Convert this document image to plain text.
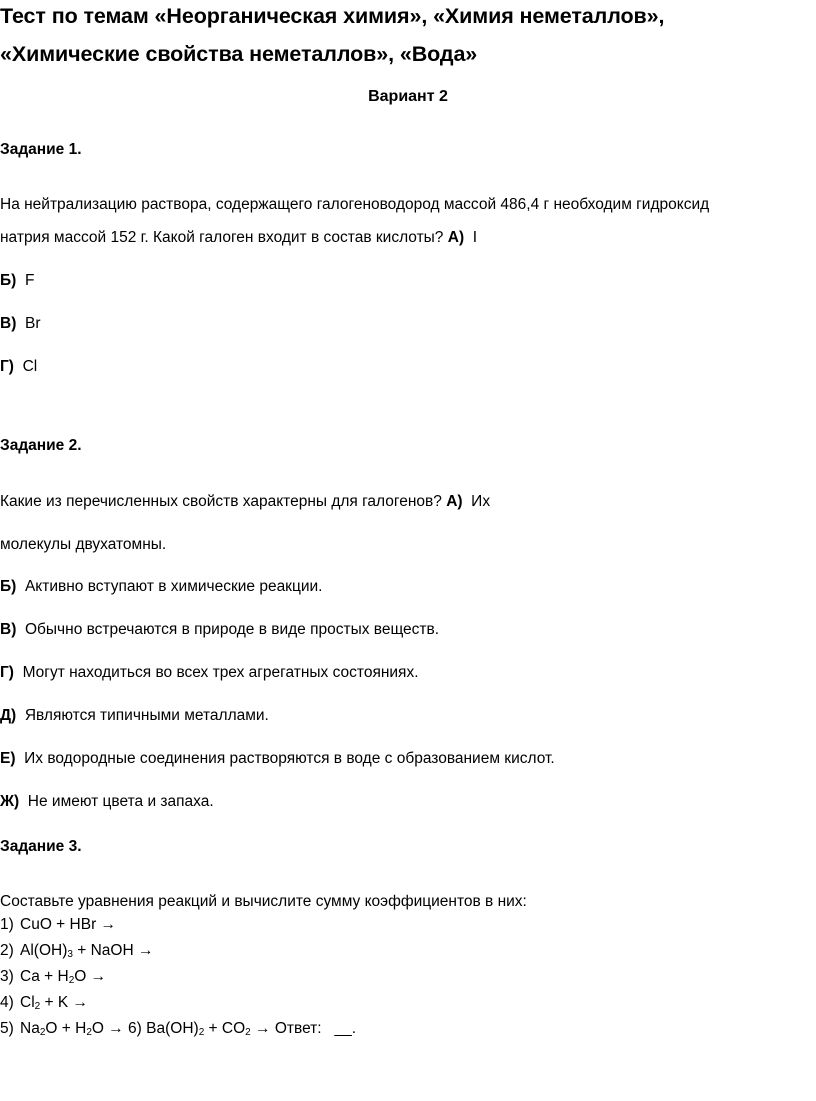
Тест по темам «Неорганическая химия», «Химия неметаллов»,
«Химические свойства неметаллов», «Вода»
Вариант 2
Задание 1.
На нейтрализацию раствора, содержащего галогеноводород массой 486,4 г необходим гидроксид
натрия массой 152 г. Какой галоген входит в состав кислоты? А) I
Б) F
В) Br
Г) Cl
Задание 2.
Какие из перечисленных свойств характерны для галогенов? А) Их
молекулы двухатомны.
Б) Активно вступают в химические реакции.
В) Обычно встречаются в природе в виде простых веществ.
Г) Могут находиться во всех трех агрегатных состояниях.
Д) Являются типичными металлами.
Е) Их водородные соединения растворяются в воде с образованием кислот.
Ж) Не имеют цвета и запаха.
Задание 3.
Составьте уравнения реакций и вычислите сумму коэффициентов в них:
1) CuO + HBr →
2) $Al(OH)_3$ + NaOH →
3) $Ca + H_2O$ →
4) $Cl_2 + K$ →
5) $Na_2O + H_2O \to 6$) $Ba(OH)_2 + CO_2$ → Ответ: __.
